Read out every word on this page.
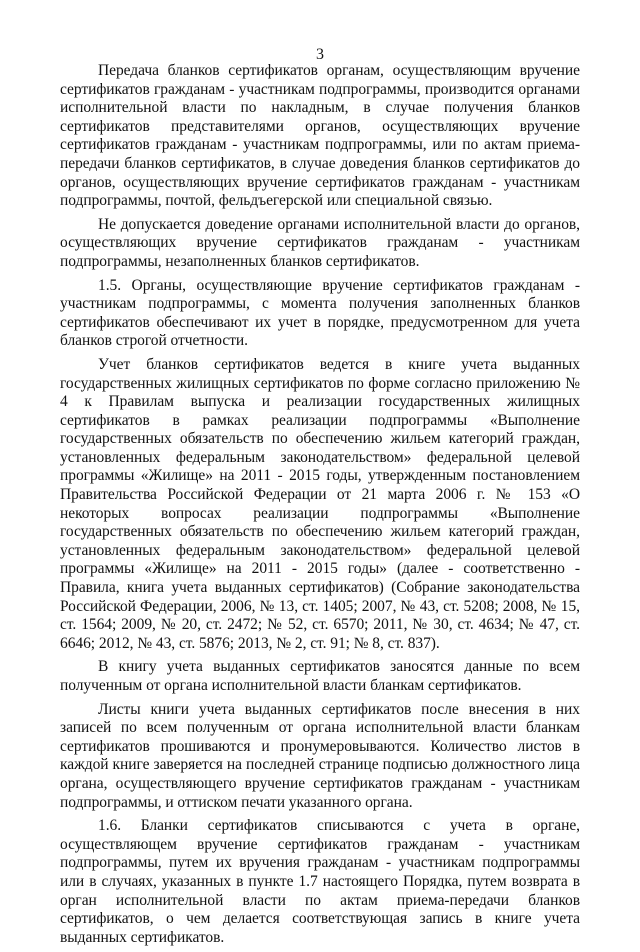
3

Передача бланков сертификатов органам, осуществляющим вручение сертификатов гражданам - участникам подпрограммы, производится органами исполнительной власти по накладным, в случае получения бланков сертификатов представителями органов, осуществляющих вручение сертификатов гражданам - участникам подпрограммы, или по актам приема-передачи бланков сертификатов, в случае доведения бланков сертификатов до органов, осуществляющих вручение сертификатов гражданам - участникам подпрограммы, почтой, фельдъегерской или специальной связью.

Не допускается доведение органами исполнительной власти до органов, осуществляющих вручение сертификатов гражданам - участникам подпрограммы, незаполненных бланков сертификатов.

1.5. Органы, осуществляющие вручение сертификатов гражданам - участникам подпрограммы, с момента получения заполненных бланков сертификатов обеспечивают их учет в порядке, предусмотренном для учета бланков строгой отчетности.

Учет бланков сертификатов ведется в книге учета выданных государственных жилищных сертификатов по форме согласно приложению № 4 к Правилам выпуска и реализации государственных жилищных сертификатов в рамках реализации подпрограммы «Выполнение государственных обязательств по обеспечению жильем категорий граждан, установленных федеральным законодательством» федеральной целевой программы «Жилище» на 2011 - 2015 годы, утвержденным постановлением Правительства Российской Федерации от 21 марта 2006 г. № 153 «О некоторых вопросах реализации подпрограммы «Выполнение государственных обязательств по обеспечению жильем категорий граждан, установленных федеральным законодательством» федеральной целевой программы «Жилище» на 2011 - 2015 годы» (далее - соответственно - Правила, книга учета выданных сертификатов) (Собрание законодательства Российской Федерации, 2006, № 13, ст. 1405; 2007, № 43, ст. 5208; 2008, № 15, ст. 1564; 2009, № 20, ст. 2472; № 52, ст. 6570; 2011, № 30, ст. 4634; № 47, ст. 6646; 2012, № 43, ст. 5876; 2013, № 2, ст. 91; № 8, ст. 837).

В книгу учета выданных сертификатов заносятся данные по всем полученным от органа исполнительной власти бланкам сертификатов.

Листы книги учета выданных сертификатов после внесения в них записей по всем полученным от органа исполнительной власти бланкам сертификатов прошиваются и пронумеровываются. Количество листов в каждой книге заверяется на последней странице подписью должностного лица органа, осуществляющего вручение сертификатов гражданам - участникам подпрограммы, и оттиском печати указанного органа.

1.6. Бланки сертификатов списываются с учета в органе, осуществляющем вручение сертификатов гражданам - участникам подпрограммы, путем их вручения гражданам - участникам подпрограммы или в случаях, указанных в пункте 1.7 настоящего Порядка, путем возврата в орган исполнительной власти по актам приема-передачи бланков сертификатов, о чем делается соответствующая запись в книге учета выданных сертификатов.
